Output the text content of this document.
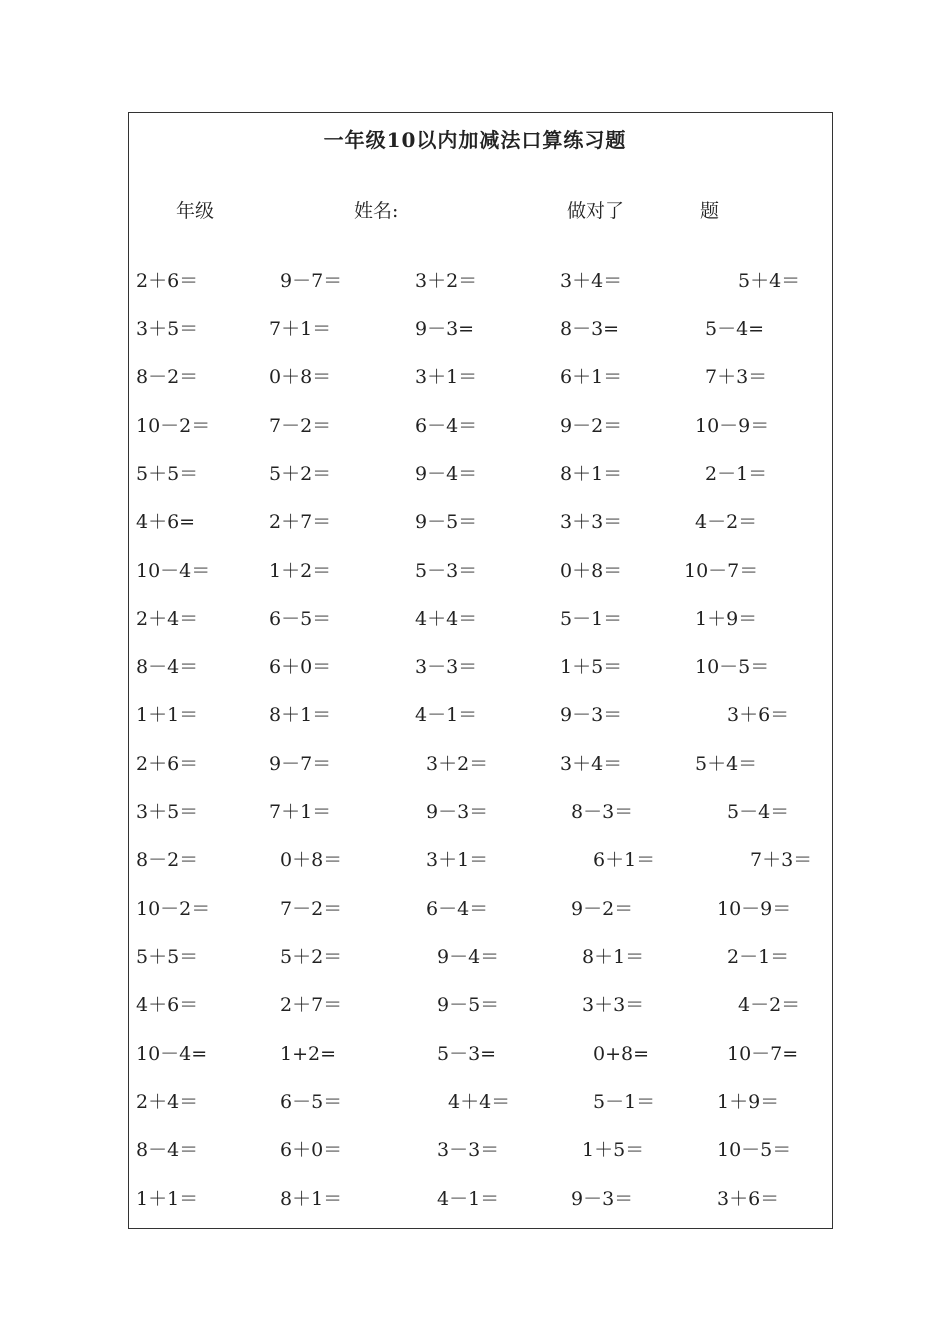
一年级10以内加减法口算练习题
年级	姓名:	做对了	题
2＋6＝	9－7＝	3＋2＝	3＋4＝	5＋4＝
3＋5＝	7＋1＝	9－3=	8－3=	5－4=
8－2＝	0＋8＝	3＋1＝	6＋1＝	7＋3＝
10－2＝	7－2＝	6－4＝	9－2＝	10－9＝
5＋5＝	5＋2＝	9－4＝	8＋1＝	2－1＝
4＋6=	2＋7＝	9－5＝	3＋3＝	4－2＝
10－4＝	1＋2＝	5－3＝	0＋8＝	10－7＝
2＋4＝	6－5＝	4＋4＝	5－1＝	1＋9＝
8－4＝	6＋0＝	3－3＝	1＋5＝	10－5＝
1＋1＝	8＋1＝	4－1＝	9－3＝	3＋6＝
2＋6＝	9－7＝	3＋2＝	3＋4＝	5＋4＝
3＋5＝	7＋1＝	9－3＝	8－3＝	5－4＝
8－2＝	0＋8＝	3＋1＝	6＋1＝	7＋3＝
10－2＝	7－2＝	6－4＝	9－2＝	10－9＝
5＋5＝	5＋2＝	9－4＝	8＋1＝	2－1＝
4＋6＝	2＋7＝	9－5＝	3＋3＝	4－2＝
10－4=	1+2=	5－3=	0+8=	10－7=
2＋4＝	6－5＝	4＋4＝	5－1＝	1＋9＝
8－4＝	6＋0＝	3－3＝	1＋5＝	10－5＝
1＋1＝	8＋1＝	4－1＝	9－3＝	3＋6＝
